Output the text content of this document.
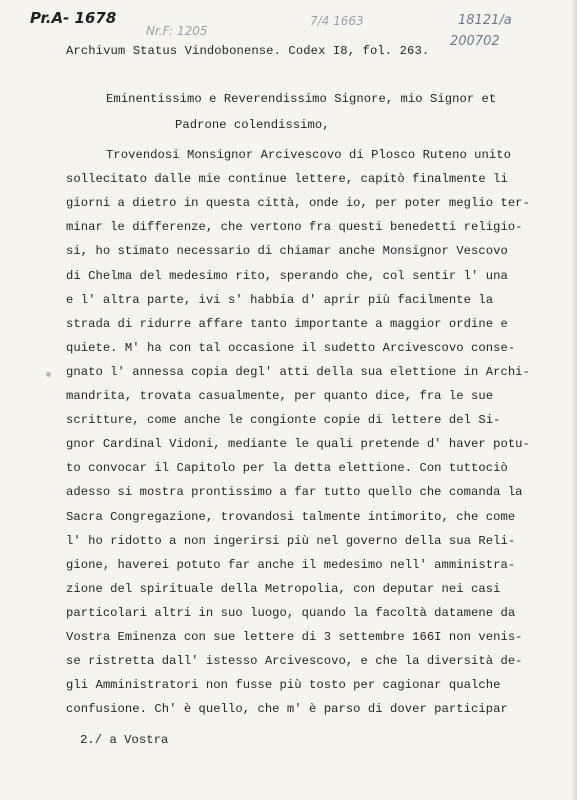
Pr.A- 1678
Nr.F: 1205
7/4 1663	18121/a
200702
Archivum Status Vindobonense. Codex I8, fol. 263.
Eminentissimo e Reverendissimo Signore, mio Signor et
Padrone colendissimo,
Trovendosi Monsignor Arcivescovo di Plosco Ruteno unito
sollecitato dalle mie continue lettere, capitò finalmente li
giorni a dietro in questa città, onde io, per poter meglio ter-
minar le differenze, che vertono fra questi benedetti religio-
si, ho stimato necessario di chiamar anche Monsignor Vescovo
di Chelma del medesimo rito, sperando che, col sentir l' una
e l' altra parte, ivi s' habbia d' aprir più facilmente la
strada di ridurre affare tanto importante a maggior ordine e
quiete. M' ha con tal occasione il sudetto Arcivescovo conse-
gnato l' annessa copia degl' atti della sua elettione in Archi-
mandrita, trovata casualmente, per quanto dice, fra le sue
scritture, come anche le congionte copie di lettere del Si-
gnor Cardinal Vidoni, mediante le quali pretende d' haver potu-
to convocar il Capitolo per la detta elettione. Con tuttociò
adesso si mostra prontissimo a far tutto quello che comanda la
Sacra Congregazione, trovandosi talmente intimorito, che come
l' ho ridotto a non ingerirsi più nel governo della sua Reli-
gione, haverei potuto far anche il medesimo nell' amministra-
zione del spirituale della Metropolia, con deputar nei casi
particolari altri in suo luogo, quando la facoltà datamene da
Vostra Eminenza con sue lettere di 3 settembre 166I non venis-
se ristretta dall' istesso Arcivescovo, e che la diversità de-
gli Amministratori non fusse più tosto per cagionar qualche
confusione. Ch' è quello, che m' è parso di dover participar
2./ a Vostra
